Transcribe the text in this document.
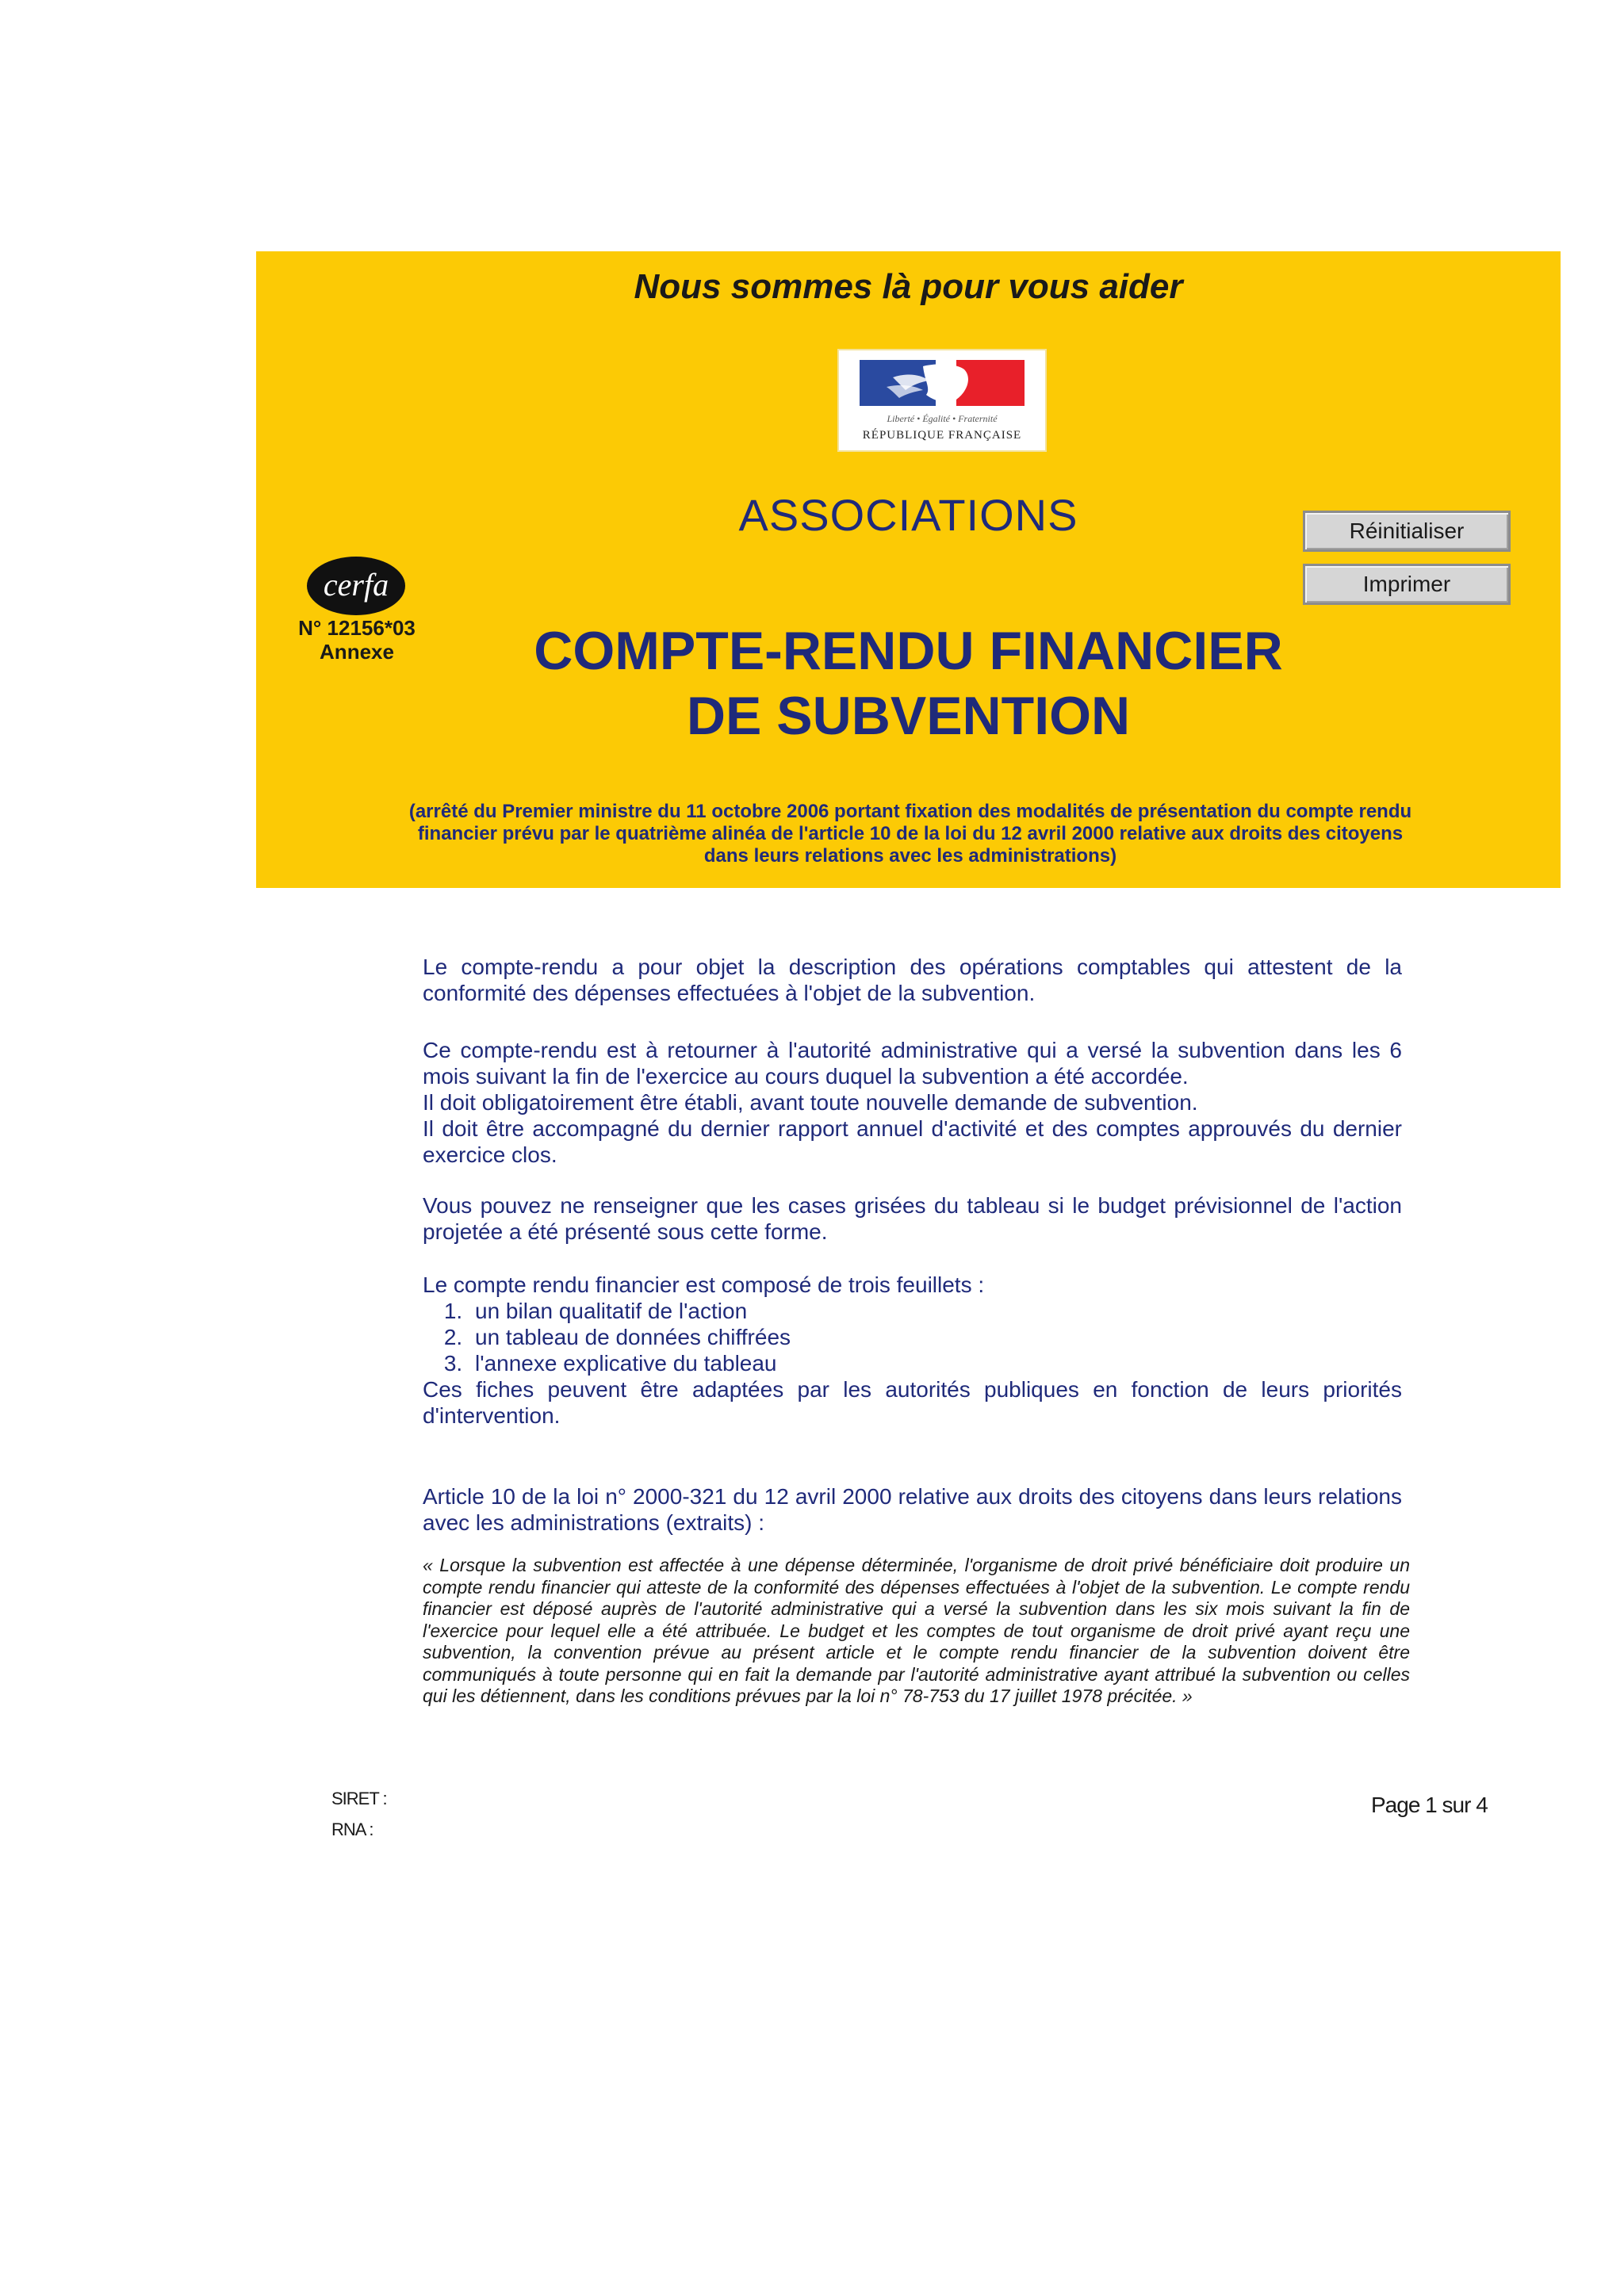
Nous sommes là pour vous aider
Liberté • Égalité • Fraternité
RÉPUBLIQUE FRANÇAISE
ASSOCIATIONS	Réinitialiser
Imprimer
cerfa
N° 12156*03
Annexe	COMPTE-RENDU FINANCIER
DE SUBVENTION
(arrêté du Premier ministre du 11 octobre 2006 portant fixation des modalités de présentation du compte rendu
financier prévu par le quatrième alinéa de l'article 10 de la loi du 12 avril 2000 relative aux droits des citoyens
dans leurs relations avec les administrations)
Le compte-rendu a pour objet la description des opérations comptables qui attestent de la conformité des dépenses effectuées à l'objet de la subvention.
Ce compte-rendu est à retourner à l'autorité administrative qui a versé la subvention dans les 6 mois suivant la fin de l'exercice au cours duquel la subvention a été accordée.
Il doit obligatoirement être établi, avant toute nouvelle demande de subvention.
Il doit être accompagné du dernier rapport annuel d'activité et des comptes approuvés du dernier exercice clos.
Vous pouvez ne renseigner que les cases grisées du tableau si le budget prévisionnel de l'action projetée a été présenté sous cette forme.
Le compte rendu financier est composé de trois feuillets :
1. un bilan qualitatif de l'action
2. un tableau de données chiffrées
3. l'annexe explicative du tableau
Ces fiches peuvent être adaptées par les autorités publiques en fonction de leurs priorités d'intervention.
Article 10 de la loi n° 2000-321 du 12 avril 2000 relative aux droits des citoyens dans leurs relations avec les administrations (extraits) :
« Lorsque la subvention est affectée à une dépense déterminée, l'organisme de droit privé bénéficiaire doit produire un compte rendu financier qui atteste de la conformité des dépenses effectuées à l'objet de la subvention. Le compte rendu financier est déposé auprès de l'autorité administrative qui a versé la subvention dans les six mois suivant la fin de l'exercice pour lequel elle a été attribuée. Le budget et les comptes de tout organisme de droit privé ayant reçu une subvention, la convention prévue au présent article et le compte rendu financier de la subvention doivent être communiqués à toute personne qui en fait la demande par l'autorité administrative ayant attribué la subvention ou celles qui les détiennent, dans les conditions prévues par la loi n° 78-753 du 17 juillet 1978 précitée. »
SIRET :
RNA :
Page 1 sur 4
